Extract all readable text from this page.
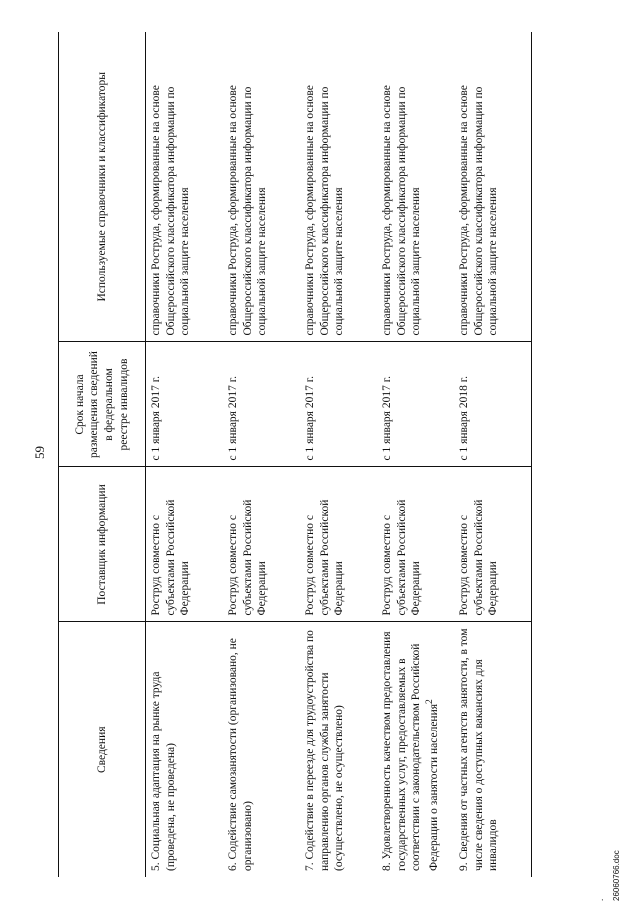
59
Сведения	Поставщик информации	Срок начала размещения сведений в федеральном реестре инвалидов	Используемые справочники и классификаторы
5. Социальная адаптация на рынке труда (проведена, не проведена)	Роструд совместно с субъектами Российской Федерации	с 1 января 2017 г.	справочники Роструда, сформированные на основе Общероссийского классификатора информации по социальной защите населения
6. Содействие самозанятости (организовано, не организовано)	Роструд совместно с субъектами Российской Федерации	с 1 января 2017 г.	справочники Роструда, сформированные на основе Общероссийского классификатора информации по социальной защите населения
7. Содействие в переезде для трудоустройства по направлению органов службы занятости (осуществлено, не осуществлено)	Роструд совместно с субъектами Российской Федерации	с 1 января 2017 г.	справочники Роструда, сформированные на основе Общероссийского классификатора информации по социальной защите населения
8. Удовлетворенность качеством предоставления государственных услуг, предоставляемых в соответствии с законодательством Российской Федерации о занятости населения$^2$	Роструд совместно с субъектами Российской Федерации	с 1 января 2017 г.	справочники Роструда, сформированные на основе Общероссийского классификатора информации по социальной защите населения
9. Сведения от частных агентств занятости, в том числе сведения о доступных вакансиях для инвалидов	Роструд совместно с субъектами Российской Федерации	с 1 января 2018 г.	справочники Роструда, сформированные на основе Общероссийского классификатора информации по социальной защите населения
. 26060766.doc
